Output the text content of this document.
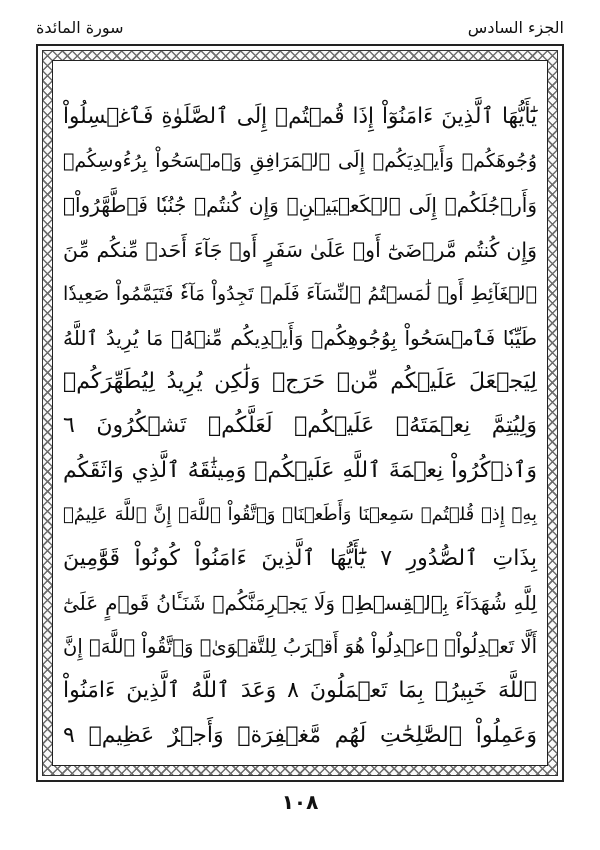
الجزء السادس
سورة المائدة
يَٰٓأَيُّهَا ٱلَّذِينَ ءَامَنُوٓاْ إِذَا قُمۡتُمۡ إِلَى ٱلصَّلَوٰةِ فَٱغۡسِلُواْ
وُجُوهَكُمۡ وَأَيۡدِيَكُمۡ إِلَى ٱلۡمَرَافِقِ وَٱمۡسَحُواْ بِرُءُوسِكُمۡ
وَأَرۡجُلَكُمۡ إِلَى ٱلۡكَعۡبَيۡنِۚ وَإِن كُنتُمۡ جُنُبٗا فَٱطَّهَّرُواْۚ
وَإِن كُنتُم مَّرۡضَىٰٓ أَوۡ عَلَىٰ سَفَرٍ أَوۡ جَآءَ أَحَدٞ مِّنكُم مِّنَ
ٱلۡغَآئِطِ أَوۡ لَٰمَسۡتُمُ ٱلنِّسَآءَ فَلَمۡ تَجِدُواْ مَآءٗ فَتَيَمَّمُواْ صَعِيدٗا
طَيِّبٗا فَٱمۡسَحُواْ بِوُجُوهِكُمۡ وَأَيۡدِيكُم مِّنۡهُۚ مَا يُرِيدُ ٱللَّهُ
لِيَجۡعَلَ عَلَيۡكُم مِّنۡ حَرَجٖ وَلَٰكِن يُرِيدُ لِيُطَهِّرَكُمۡ
وَلِيُتِمَّ نِعۡمَتَهُۥ عَلَيۡكُمۡ لَعَلَّكُمۡ تَشۡكُرُونَ ٦
وَٱذۡكُرُواْ نِعۡمَةَ ٱللَّهِ عَلَيۡكُمۡ وَمِيثَٰقَهُ ٱلَّذِي وَاثَقَكُم
بِهِۦٓ إِذۡ قُلۡتُمۡ سَمِعۡنَا وَأَطَعۡنَاۖ وَٱتَّقُواْ ٱللَّهَۚ إِنَّ ٱللَّهَ عَلِيمُۢ
بِذَاتِ ٱلصُّدُورِ ٧ يَٰٓأَيُّهَا ٱلَّذِينَ ءَامَنُواْ كُونُواْ قَوَّٰمِينَ
لِلَّهِ شُهَدَآءَ بِٱلۡقِسۡطِۖ وَلَا يَجۡرِمَنَّكُمۡ شَنَـَٔانُ قَوۡمٍ عَلَىٰٓ
أَلَّا تَعۡدِلُواْۚ ٱعۡدِلُواْ هُوَ أَقۡرَبُ لِلتَّقۡوَىٰۖ وَٱتَّقُواْ ٱللَّهَۚ إِنَّ
ٱللَّهَ خَبِيرُۢ بِمَا تَعۡمَلُونَ ٨ وَعَدَ ٱللَّهُ ٱلَّذِينَ ءَامَنُواْ
وَعَمِلُواْ ٱلصَّٰلِحَٰتِ لَهُم مَّغۡفِرَةٞ وَأَجۡرٌ عَظِيمٞ ٩
١٠٨
